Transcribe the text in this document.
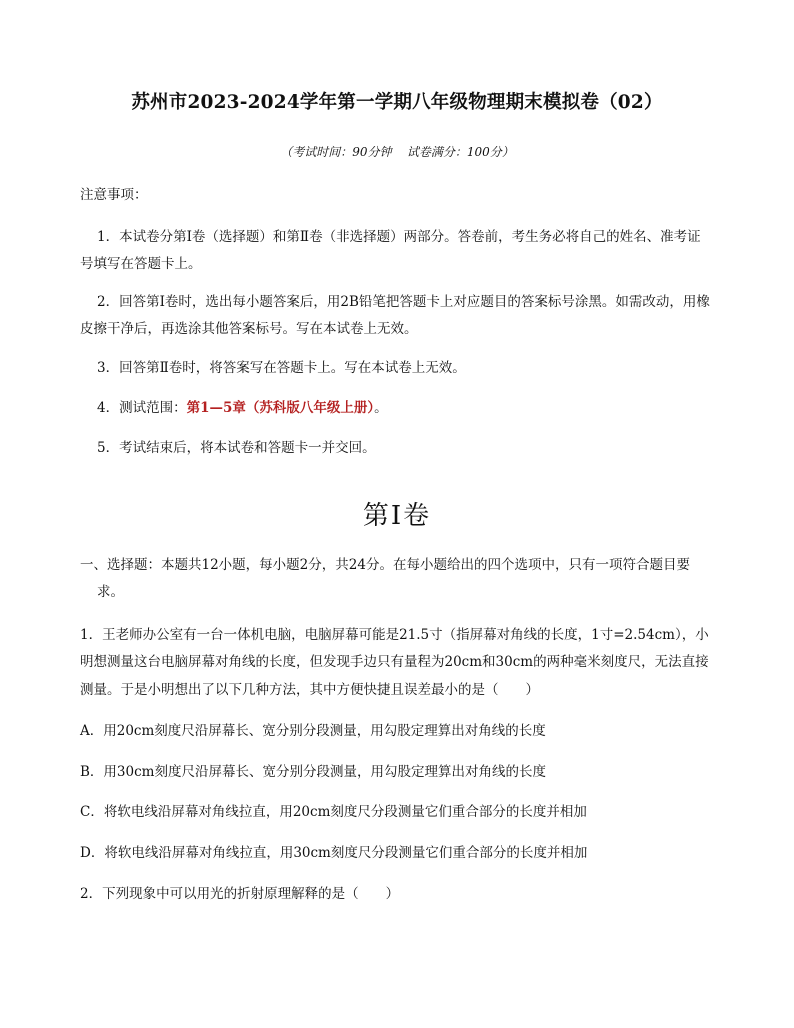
苏州市2023-2024学年第一学期八年级物理期末模拟卷（02）
（考试时间：90分钟 试卷满分：100分）
注意事项：
1．本试卷分第Ⅰ卷（选择题）和第Ⅱ卷（非选择题）两部分。答卷前，考生务必将自己的姓名、准考证
号填写在答题卡上。
2．回答第Ⅰ卷时，选出每小题答案后，用2B铅笔把答题卡上对应题目的答案标号涂黑。如需改动，用橡
皮擦干净后，再选涂其他答案标号。写在本试卷上无效。
3．回答第Ⅱ卷时，将答案写在答题卡上。写在本试卷上无效。
4．测试范围：第1—5章（苏科版八年级上册）。
5．考试结束后，将本试卷和答题卡一并交回。
第Ⅰ卷
一、选择题：本题共12小题，每小题2分，共24分。在每小题给出的四个选项中，只有一项符合题目要
求。
1．王老师办公室有一台一体机电脑，电脑屏幕可能是21.5寸（指屏幕对角线的长度，1寸=2.54cm），小
明想测量这台电脑屏幕对角线的长度，但发现手边只有量程为20cm和30cm的两种毫米刻度尺，无法直接
测量。于是小明想出了以下几种方法，其中方便快捷且误差最小的是（　　）
A．用20cm刻度尺沿屏幕长、宽分别分段测量，用勾股定理算出对角线的长度
B．用30cm刻度尺沿屏幕长、宽分别分段测量，用勾股定理算出对角线的长度
C．将软电线沿屏幕对角线拉直，用20cm刻度尺分段测量它们重合部分的长度并相加
D．将软电线沿屏幕对角线拉直，用30cm刻度尺分段测量它们重合部分的长度并相加
2．下列现象中可以用光的折射原理解释的是（　　）
